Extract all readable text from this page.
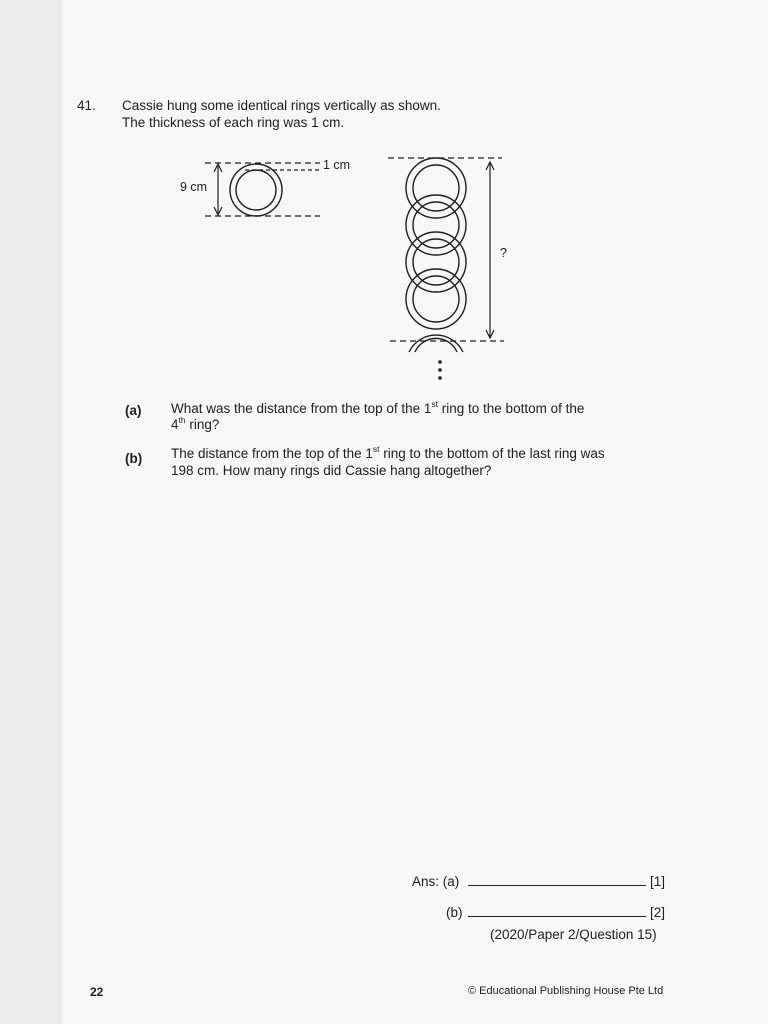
41. Cassie hung some identical rings vertically as shown.
The thickness of each ring was 1 cm.
9 cm
1 cm
?
(a) What was the distance from the top of the 1st ring to the bottom of the
4th ring?
(b) The distance from the top of the 1st ring to the bottom of the last ring was
198 cm. How many rings did Cassie hang altogether?
Ans: (a)	[1]
(b)	[2]
(2020/Paper 2/Question 15)
22	© Educational Publishing House Pte Ltd
